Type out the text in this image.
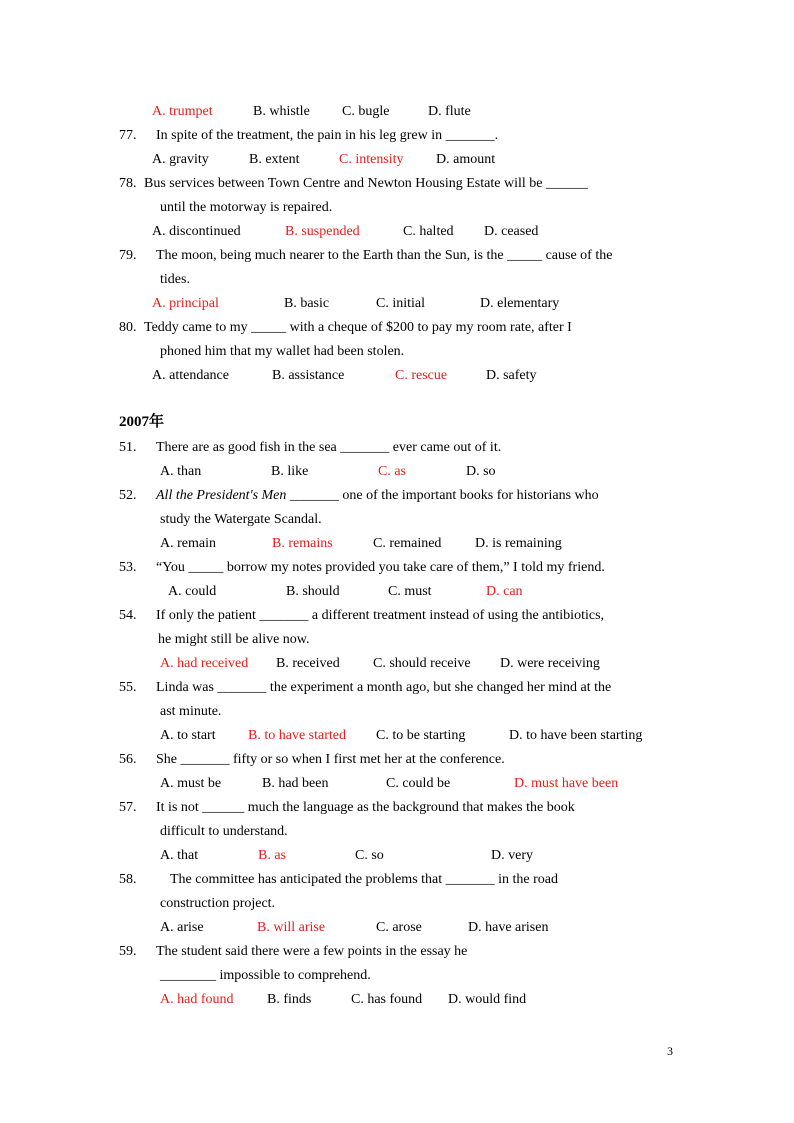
A. trumpet	B. whistle C. bugle	D. flute
77. In spite of the treatment, the pain in his leg grew in _______.
A. gravity	B. extent	C. intensity D. amount
78. Bus services between Town Centre and Newton Housing Estate will be ______
until the motorway is repaired.
A. discontinued	B. suspended	C. halted D. ceased
79. The moon, being much nearer to the Earth than the Sun, is the _____ cause of the
tides.
A. principal	B. basic	C. initial	D. elementary
80. Teddy came to my _____ with a cheque of $200 to pay my room rate, after I
phoned him that my wallet had been stolen.
A. attendance	B. assistance	C. rescue	D. safety
2007年
51. There are as good fish in the sea _______ ever came out of it.
A. than	B. like	C. as	D. so
52. All the President's Men _______ one of the important books for historians who
study the Watergate Scandal.
A. remain	B. remains	C. remained D. is remaining
53. “You _____ borrow my notes provided you take care of them,” I told my friend.
A. could	B. should	C. must	D. can
54. If only the patient _______ a different treatment instead of using the antibiotics,
he might still be alive now.
A. had received B. received C. should receive D. were receiving
55. Linda was _______ the experiment a month ago, but she changed her mind at the
ast minute.
A. to start B. to have started C. to be starting	D. to have been starting
56. She _______ fifty or so when I first met her at the conference.
A. must be	B. had been	C. could be	D. must have been
57. It is not ______ much the language as the background that makes the book
difficult to understand.
A. that	B. as	C. so	D. very
58. The committee has anticipated the problems that _______ in the road
construction project.
A. arise	B. will arise	C. arose	D. have arisen
59. The student said there were a few points in the essay he
________ impossible to comprehend.
A. had found B. finds	C. has found D. would find
3
